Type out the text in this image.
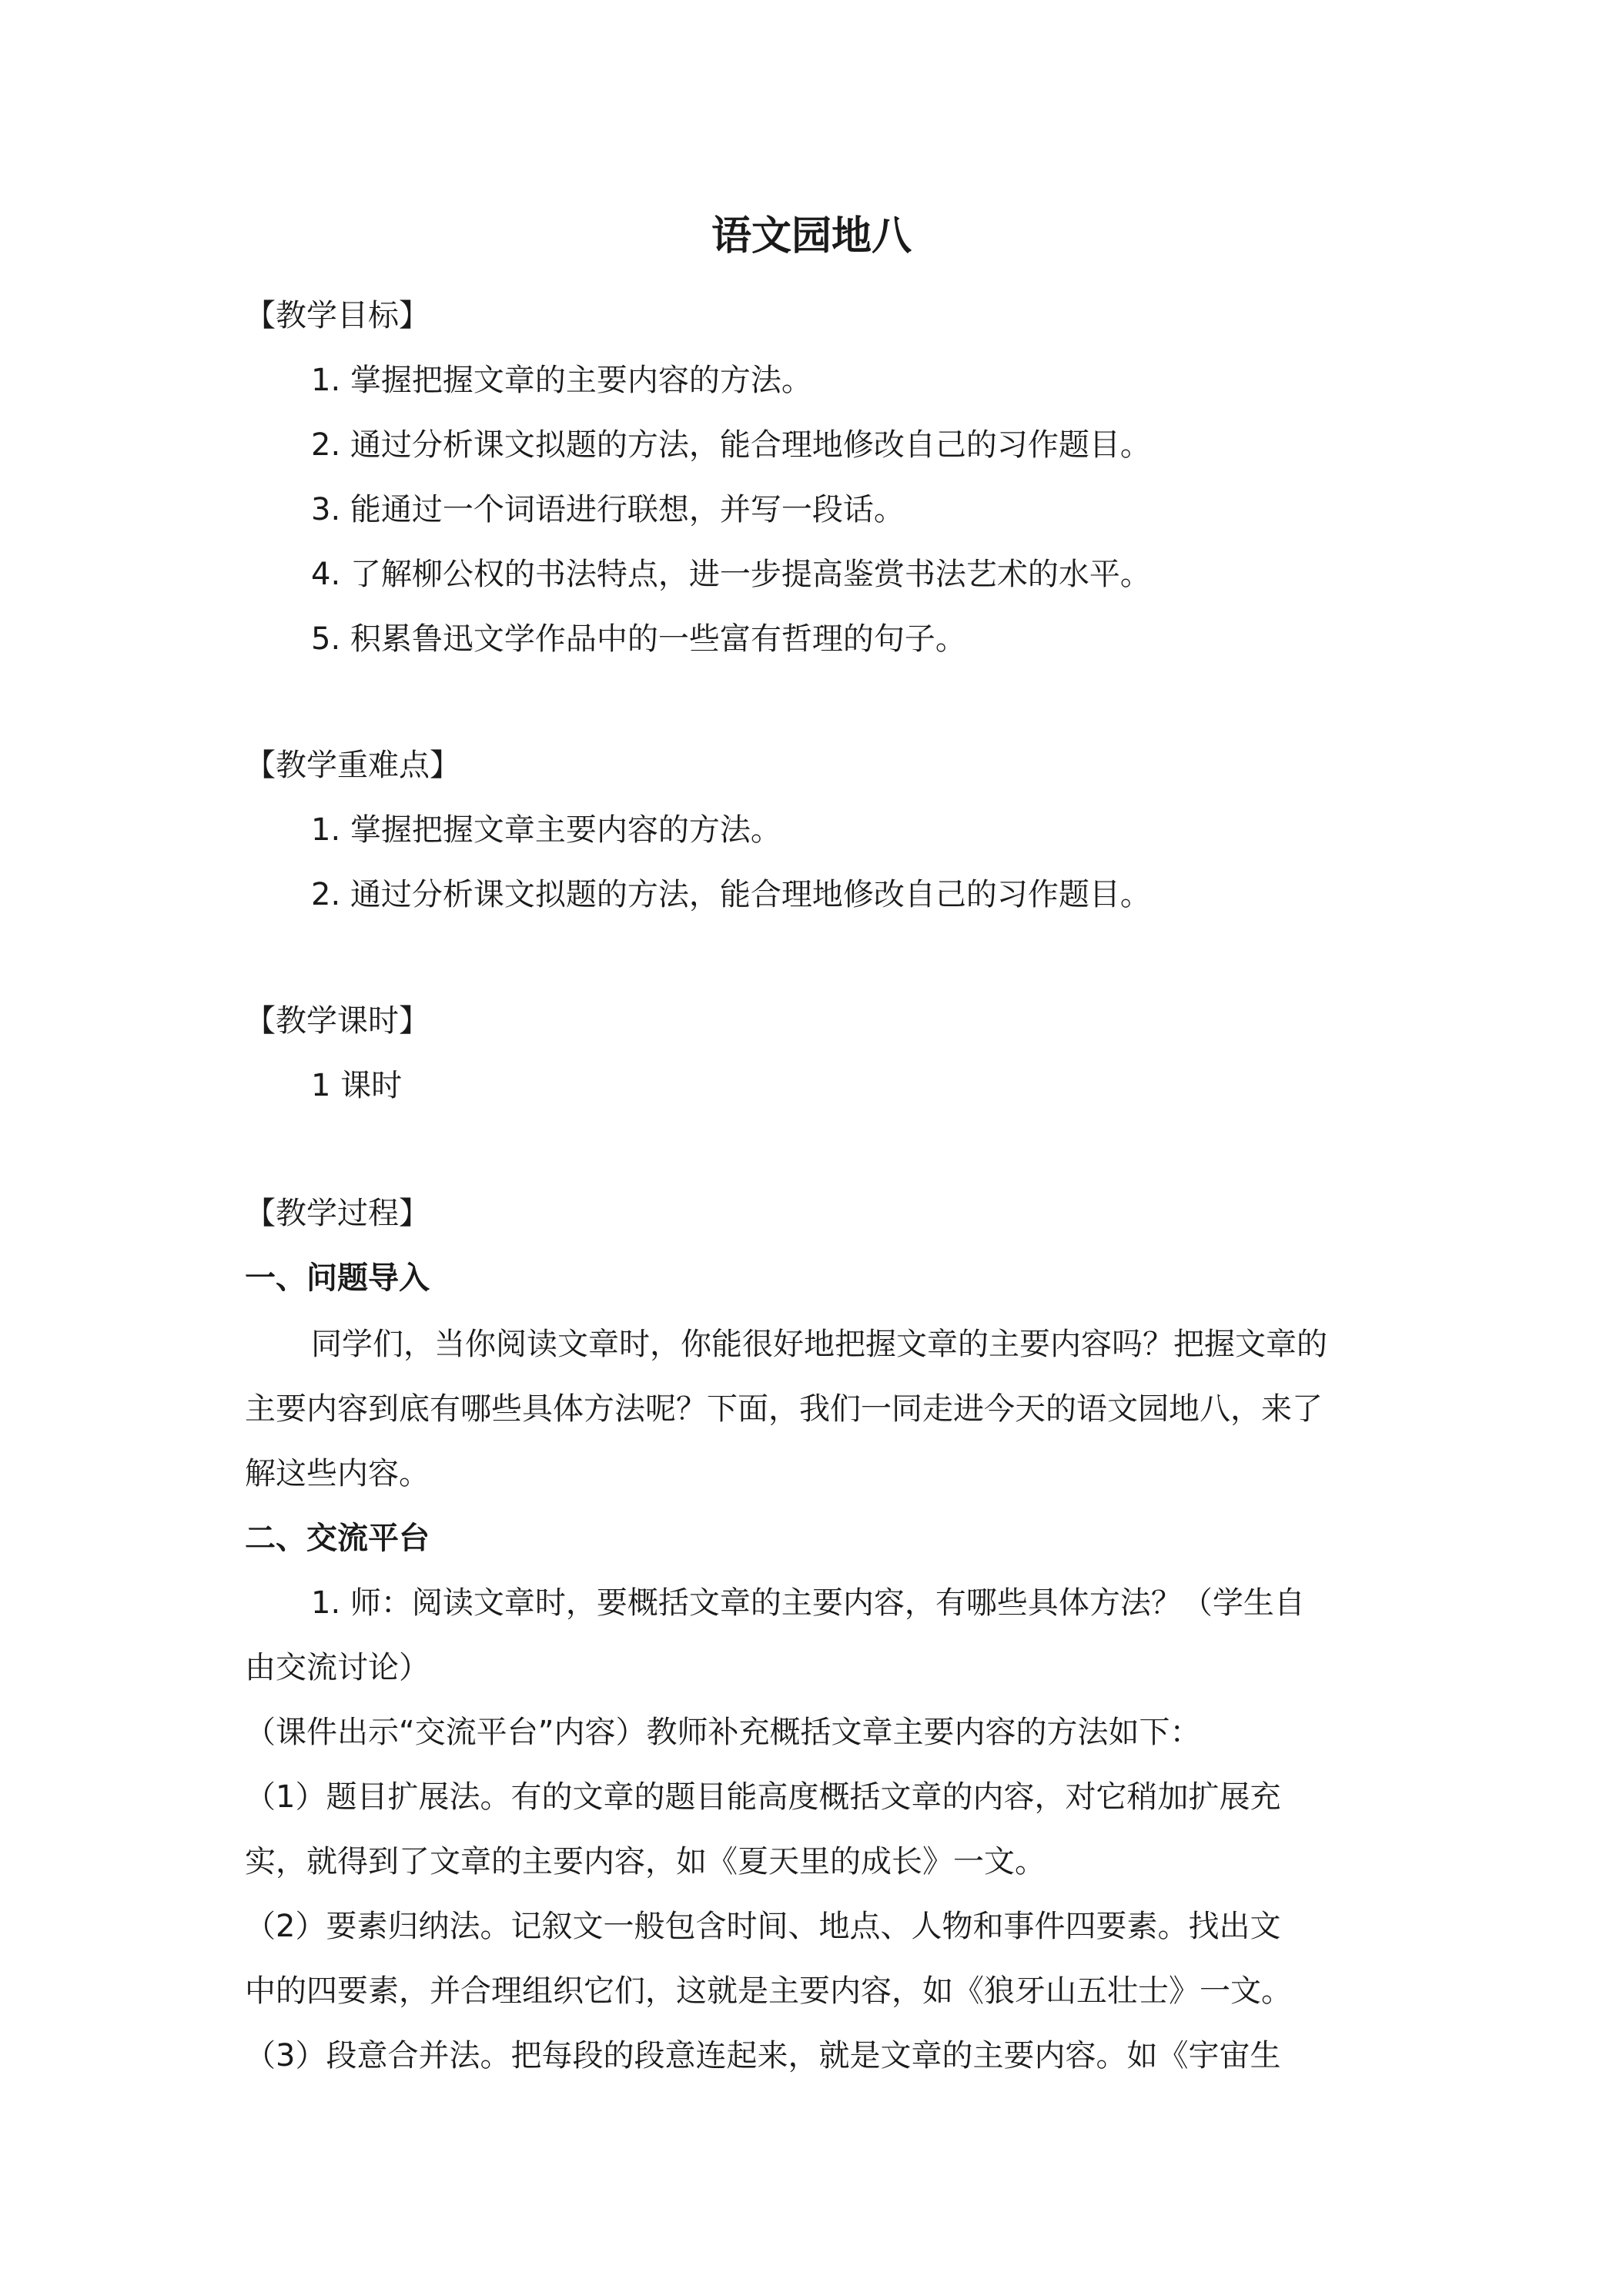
语文园地八
【教学目标】
1. 掌握把握文章的主要内容的方法。
2. 通过分析课文拟题的方法，能合理地修改自己的习作题目。
3. 能通过一个词语进行联想，并写一段话。
4. 了解柳公权的书法特点，进一步提高鉴赏书法艺术的水平。
5. 积累鲁迅文学作品中的一些富有哲理的句子。
【教学重难点】
1. 掌握把握文章主要内容的方法。
2. 通过分析课文拟题的方法，能合理地修改自己的习作题目。
【教学课时】
1 课时
【教学过程】
一、问题导入
同学们，当你阅读文章时，你能很好地把握文章的主要内容吗？把握文章的
主要内容到底有哪些具体方法呢？下面，我们一同走进今天的语文园地八，来了
解这些内容。
二、交流平台
1. 师：阅读文章时，要概括文章的主要内容，有哪些具体方法？（学生自
由交流讨论）
（课件出示“交流平台”内容）教师补充概括文章主要内容的方法如下：
（1）题目扩展法。有的文章的题目能高度概括文章的内容，对它稍加扩展充
实，就得到了文章的主要内容，如《夏天里的成长》一文。
（2）要素归纳法。记叙文一般包含时间、地点、人物和事件四要素。找出文
中的四要素，并合理组织它们，这就是主要内容，如《狼牙山五壮士》一文。
（3）段意合并法。把每段的段意连起来，就是文章的主要内容。如《宇宙生
